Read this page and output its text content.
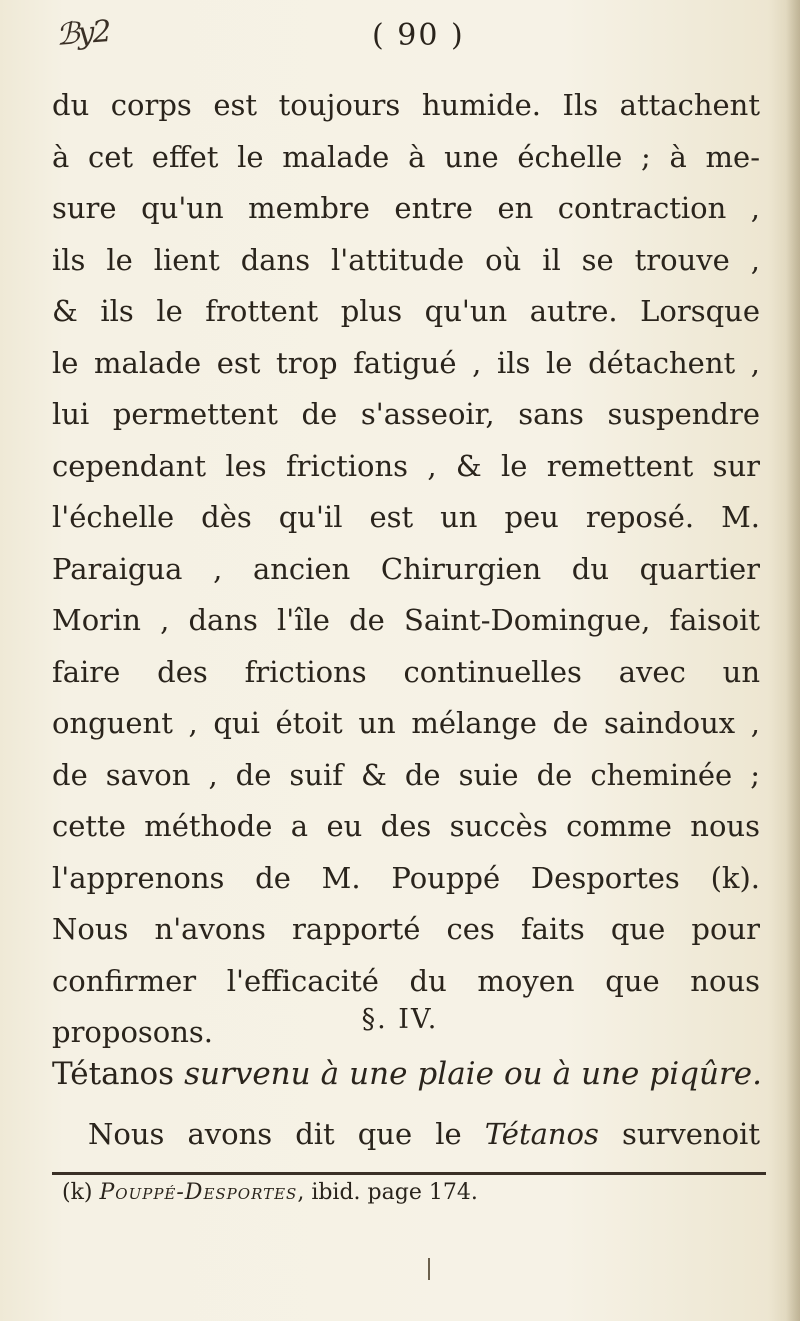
ℬy2	( 90 )
du corps est toujours humide. Ils attachent
à cet effet le malade à une échelle ; à me-
sure qu'un membre entre en contraction ,
ils le lient dans l'attitude où il se trouve ,
& ils le frottent plus qu'un autre. Lorsque
le malade est trop fatigué , ils le détachent ,
lui permettent de s'asseoir, sans suspendre
cependant les frictions , & le remettent sur
l'échelle dès qu'il est un peu reposé. M.
Paraigua , ancien Chirurgien du quartier
Morin , dans l'île de Saint-Domingue, faisoit
faire des frictions continuelles avec un
onguent , qui étoit un mélange de saindoux ,
de savon , de suif & de suie de cheminée ;
cette méthode a eu des succès comme nous
l'apprenons de M. Pouppé Desportes (k).
Nous n'avons rapporté ces faits que pour
confirmer l'efficacité du moyen que nous
proposons.	§. IV.
Tétanos survenu à une plaie ou à une piqûre.
Nous avons dit que le Tétanos survenoit
(k) Pouppé-Desportes, ibid. page 174.
